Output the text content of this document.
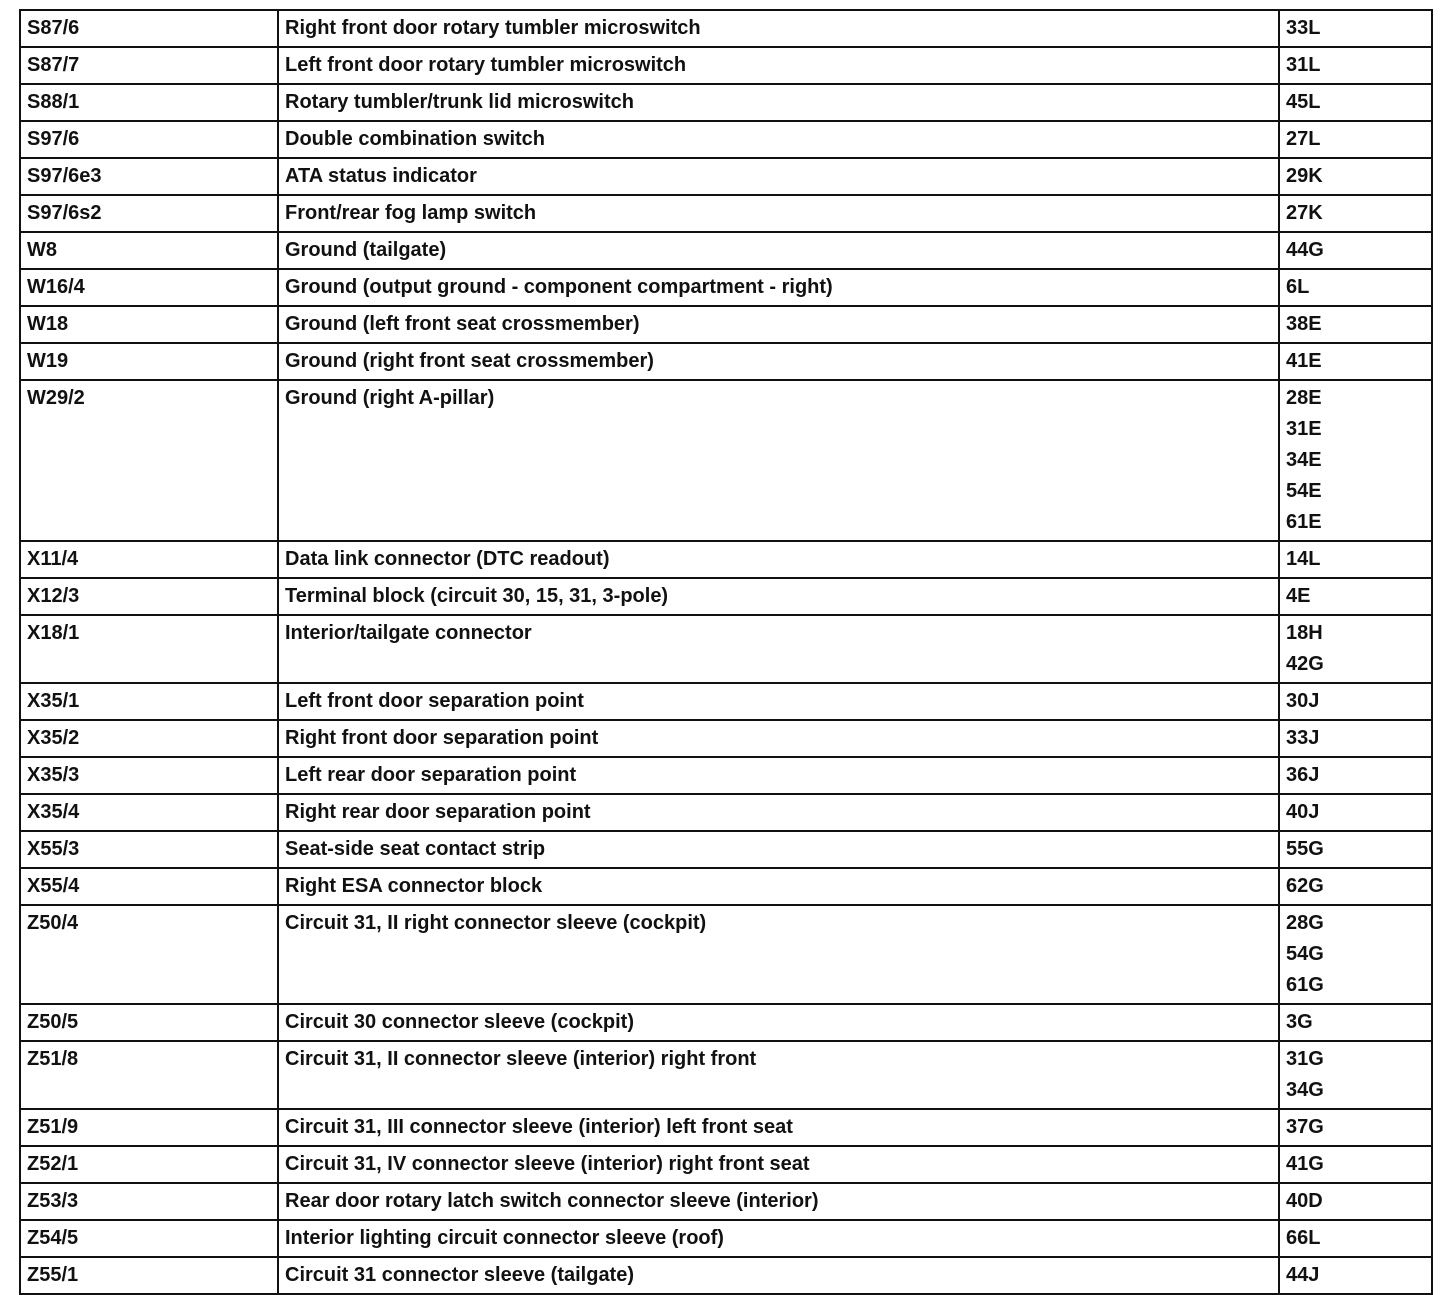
S87/6	Right front door rotary tumbler microswitch	33L

S87/7	Left front door rotary tumbler microswitch	31L

S88/1	Rotary tumbler/trunk lid microswitch	45L

S97/6	Double combination switch	27L

S97/6e3	ATA status indicator	29K

S97/6s2	Front/rear fog lamp switch	27K

W8	Ground (tailgate)	44G

W16/4	Ground (output ground - component compartment - right)	6L

W18	Ground (left front seat crossmember)	38E

W19	Ground (right front seat crossmember)	41E

W29/2	Ground (right A-pillar)	28E
31E
34E
54E
61E

X11/4	Data link connector (DTC readout)	14L

X12/3	Terminal block (circuit 30, 15, 31, 3-pole)	4E

X18/1	Interior/tailgate connector	18H
42G

X35/1	Left front door separation point	30J

X35/2	Right front door separation point	33J

X35/3	Left rear door separation point	36J

X35/4	Right rear door separation point	40J

X55/3	Seat-side seat contact strip	55G

X55/4	Right ESA connector block	62G

Z50/4	Circuit 31, II right connector sleeve (cockpit)	28G
54G
61G

Z50/5	Circuit 30 connector sleeve (cockpit)	3G

Z51/8	Circuit 31, II connector sleeve (interior) right front	31G
34G

Z51/9	Circuit 31, III connector sleeve (interior) left front seat	37G

Z52/1	Circuit 31, IV connector sleeve (interior) right front seat	41G

Z53/3	Rear door rotary latch switch connector sleeve (interior)	40D

Z54/5	Interior lighting circuit connector sleeve (roof)	66L

Z55/1	Circuit 31 connector sleeve (tailgate)	44J
